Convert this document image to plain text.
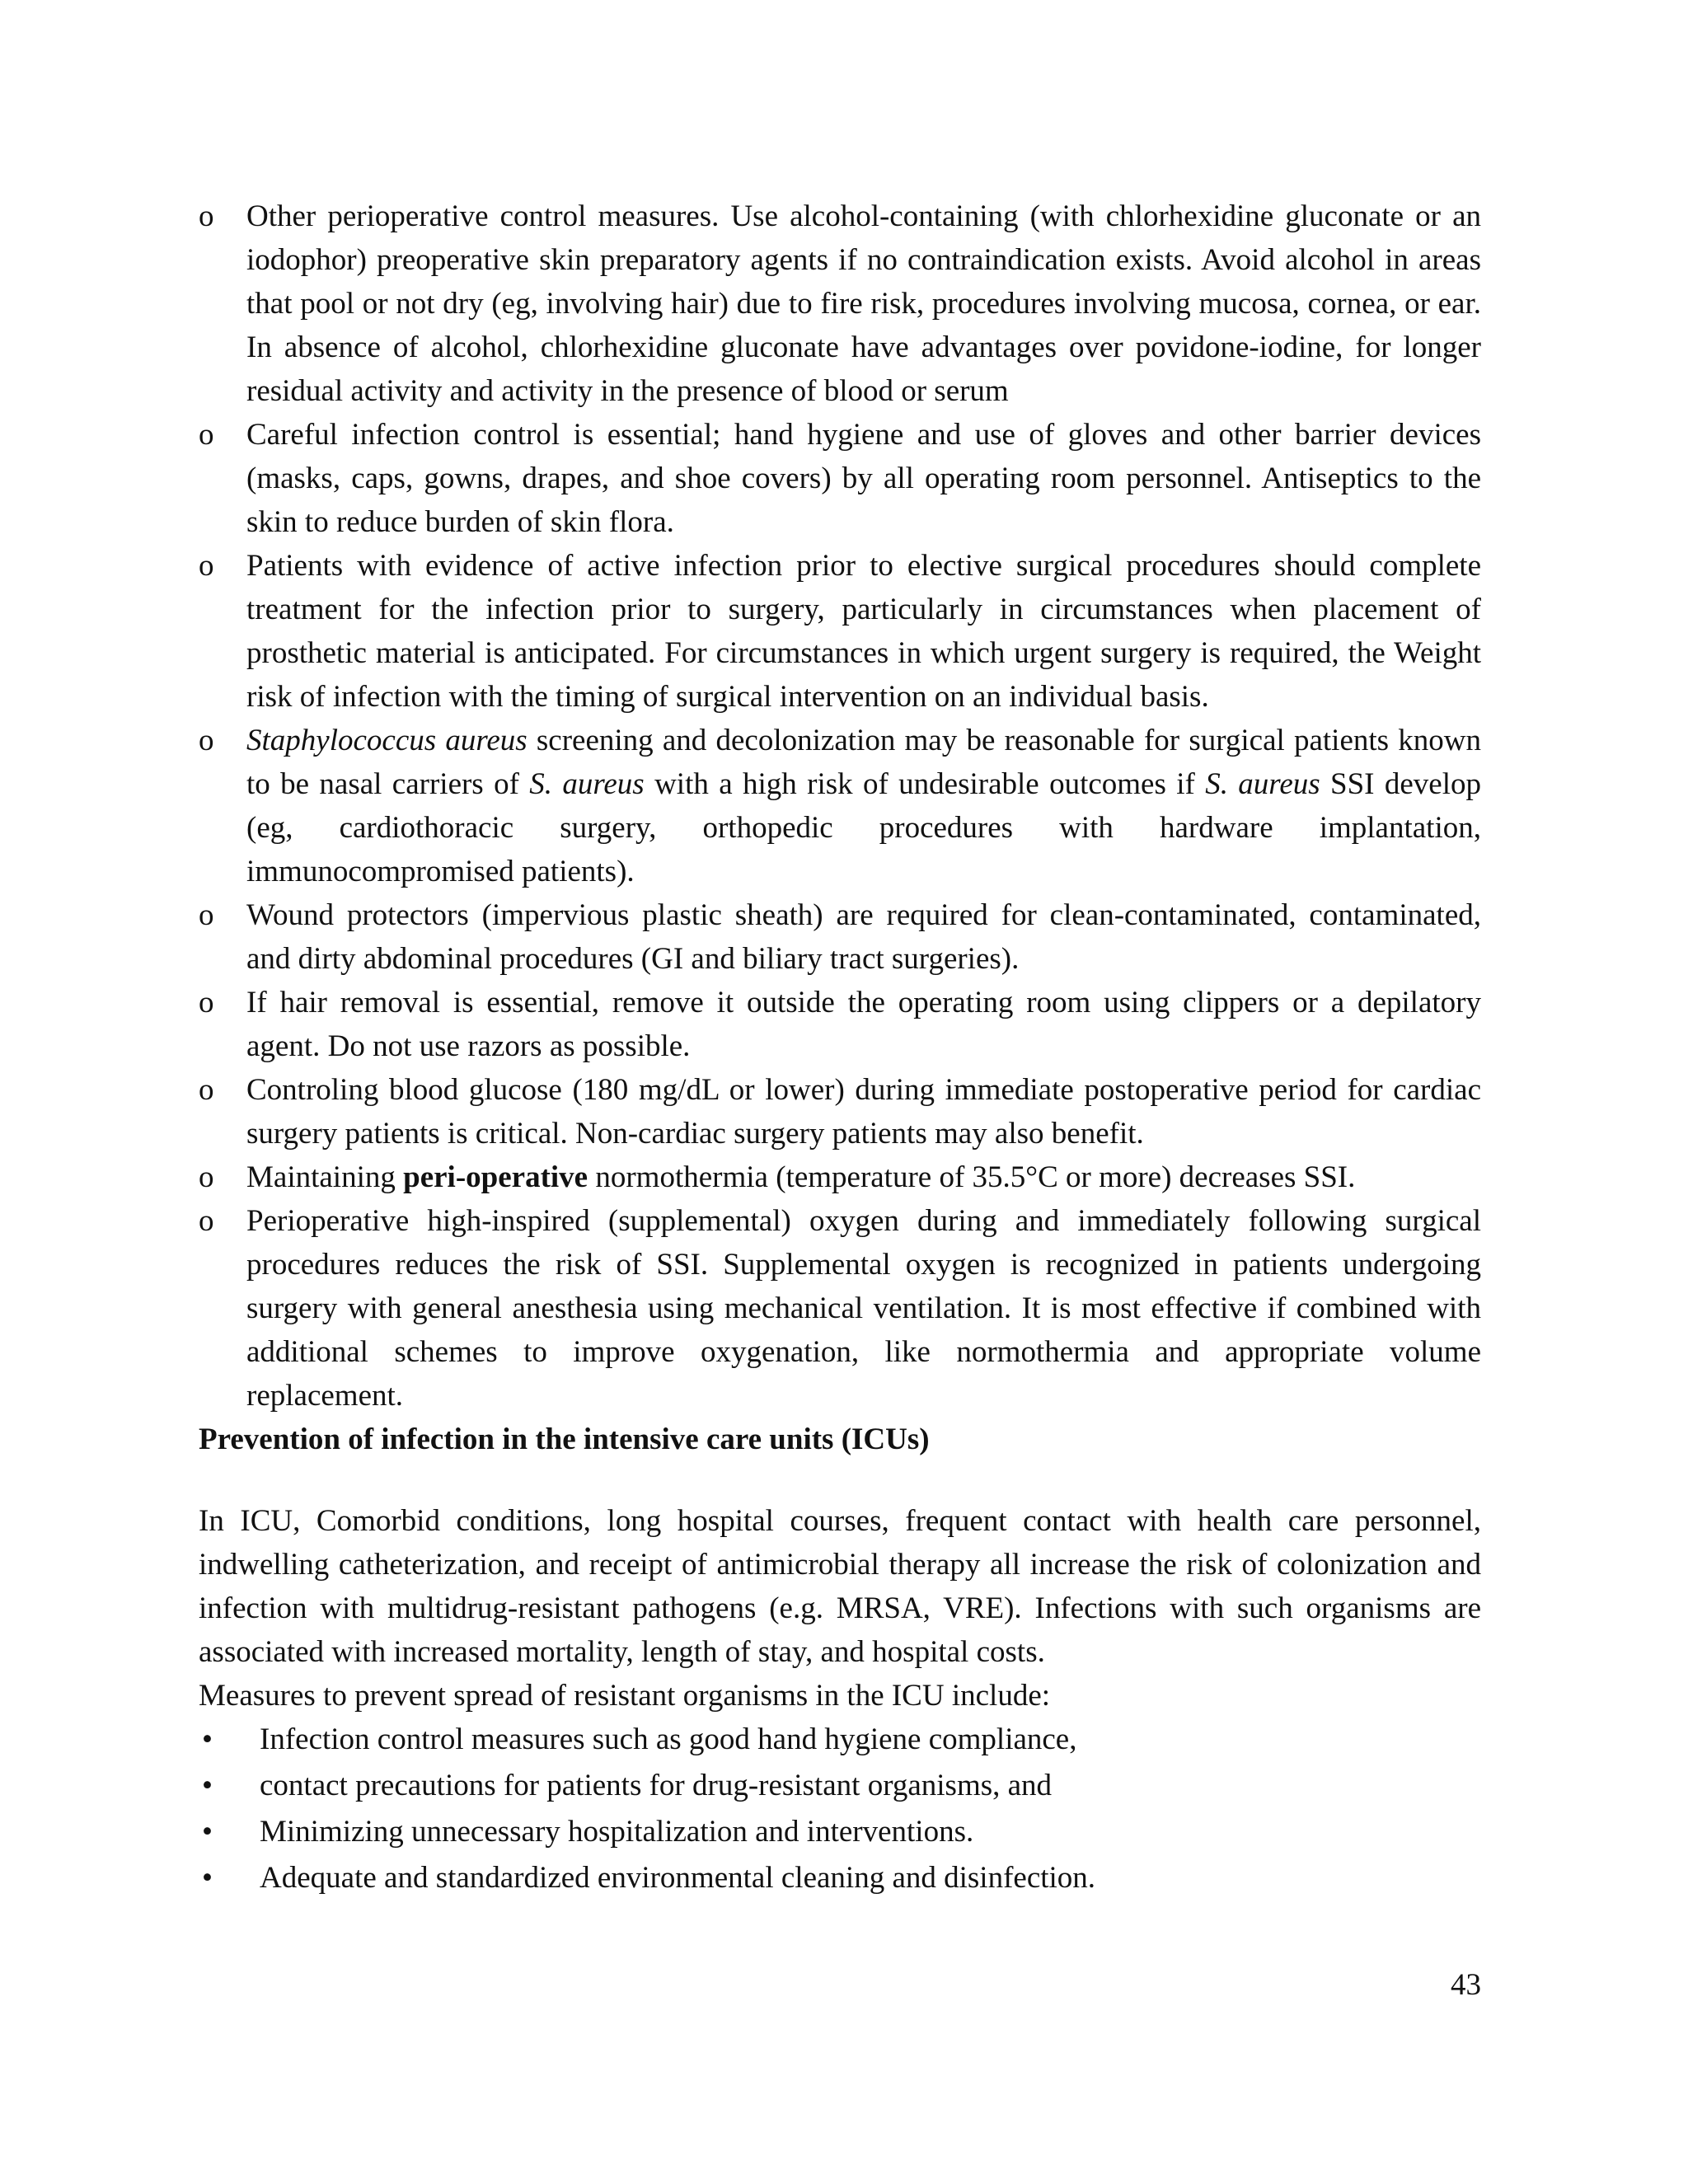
o Other perioperative control measures. Use alcohol-containing (with chlorhexidine gluconate or an iodophor) preoperative skin preparatory agents if no contraindication exists. Avoid alcohol in areas that pool or not dry (eg, involving hair) due to fire risk, procedures involving mucosa, cornea, or ear. In absence of alcohol, chlorhexidine gluconate have advantages over povidone-iodine, for longer residual activity and activity in the presence of blood or serum
o Careful infection control is essential; hand hygiene and use of gloves and other barrier devices (masks, caps, gowns, drapes, and shoe covers) by all operating room personnel. Antiseptics to the skin to reduce burden of skin flora.
o Patients with evidence of active infection prior to elective surgical procedures should complete treatment for the infection prior to surgery, particularly in circumstances when placement of prosthetic material is anticipated. For circumstances in which urgent surgery is required, the Weight risk of infection with the timing of surgical intervention on an individual basis.
o Staphylococcus aureus screening and decolonization may be reasonable for surgical patients known to be nasal carriers of S. aureus with a high risk of undesirable outcomes if S. aureus SSI develop (eg, cardiothoracic surgery, orthopedic procedures with hardware implantation, immunocompromised patients).
o Wound protectors (impervious plastic sheath) are required for clean-contaminated, contaminated, and dirty abdominal procedures (GI and biliary tract surgeries).
o If hair removal is essential, remove it outside the operating room using clippers or a depilatory agent. Do not use razors as possible.
o Controling blood glucose (180 mg/dL or lower) during immediate postoperative period for cardiac surgery patients is critical. Non-cardiac surgery patients may also benefit.
o Maintaining peri-operative normothermia (temperature of 35.5°C or more) decreases SSI.
o Perioperative high-inspired (supplemental) oxygen during and immediately following surgical procedures reduces the risk of SSI. Supplemental oxygen is recognized in patients undergoing surgery with general anesthesia using mechanical ventilation. It is most effective if combined with additional schemes to improve oxygenation, like normothermia and appropriate volume replacement.
Prevention of infection in the intensive care units (ICUs)

In ICU, Comorbid conditions, long hospital courses, frequent contact with health care personnel, indwelling catheterization, and receipt of antimicrobial therapy all increase the risk of colonization and infection with multidrug-resistant pathogens (e.g. MRSA, VRE). Infections with such organisms are associated with increased mortality, length of stay, and hospital costs.

Measures to prevent spread of resistant organisms in the ICU include:

• Infection control measures such as good hand hygiene compliance,
• contact precautions for patients for drug-resistant organisms, and
• Minimizing unnecessary hospitalization and interventions.
• Adequate and standardized environmental cleaning and disinfection.
43
